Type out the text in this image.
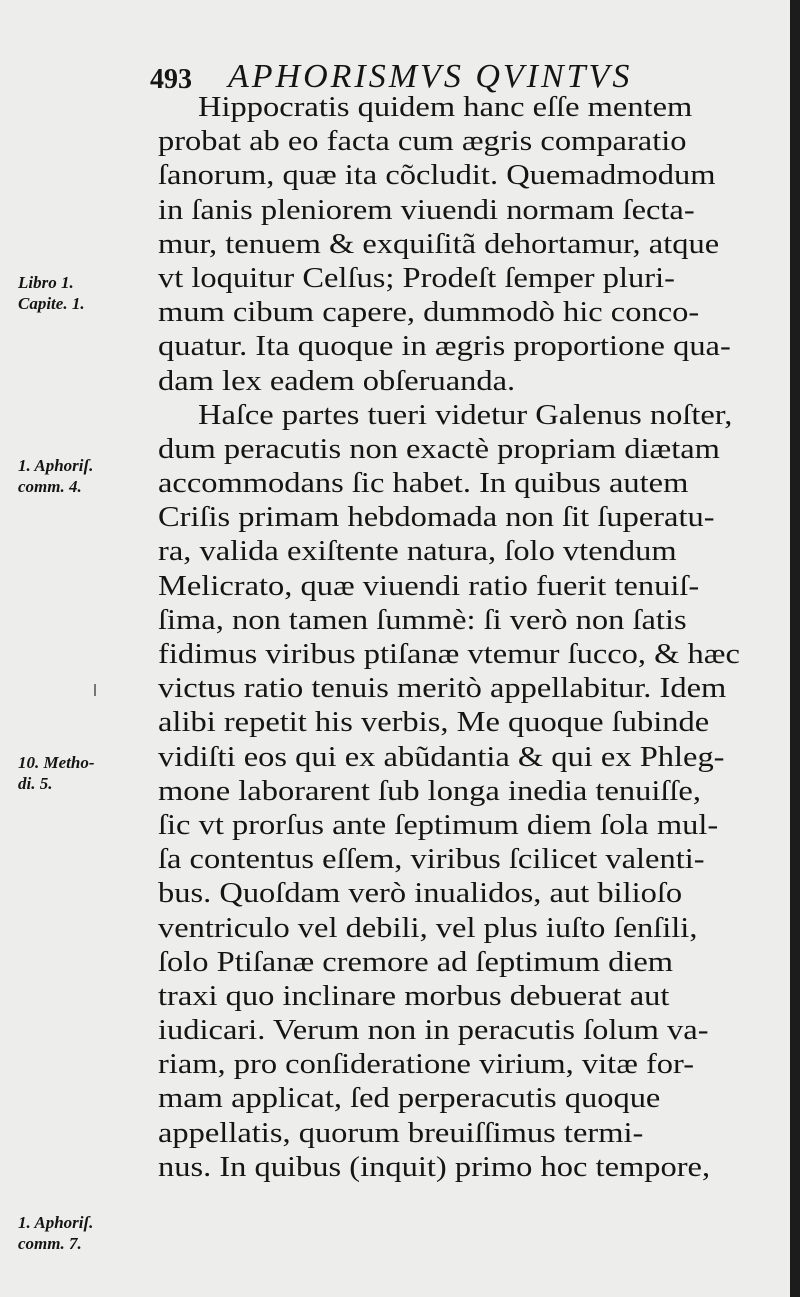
493 APHORISMVS QVINTVS
Hippocratis quidem hanc eſſe mentem
probat ab eo facta cum ægris comparatio
ſanorum, quæ ita cõcludit. Quemadmodum
in ſanis pleniorem viuendi normam ſecta-
mur, tenuem & exquiſitã dehortamur, atque
vt loquitur Celſus; Prodeſt ſemper pluri-
mum cibum capere, dummodò hic conco-
quatur. Ita quoque in ægris proportione qua-
dam lex eadem obſeruanda.
Haſce partes tueri videtur Galenus noſter,
dum peracutis non exactè propriam diætam
accommodans ſic habet. In quibus autem
Criſis primam hebdomada non ſit ſuperatu-
ra, valida exiſtente natura, ſolo vtendum
Melicrato, quæ viuendi ratio fuerit tenuiſ-
ſima, non tamen ſummè: ſi verò non ſatis
fidimus viribus ptiſanæ vtemur ſucco, & hæc
victus ratio tenuis meritò appellabitur. Idem
alibi repetit his verbis, Me quoque ſubinde
vidiſti eos qui ex abũdantia & qui ex Phleg-
mone laborarent ſub longa inedia tenuiſſe,
ſic vt prorſus ante ſeptimum diem ſola mul-
ſa contentus eſſem, viribus ſcilicet valenti-
bus. Quoſdam verò inualidos, aut bilioſo
ventriculo vel debili, vel plus iuſto ſenſili,
ſolo Ptiſanæ cremore ad ſeptimum diem
traxi quo inclinare morbus debuerat aut
iudicari. Verum non in peracutis ſolum va-
riam, pro conſideratione virium, vitæ for-
mam applicat, ſed perperacutis quoque
appellatis, quorum breuiſſimus termi-
nus. In quibus (inquit) primo hoc tempore,
Libro 1.
Capite. 1.
1. Aphoriſ.
comm. 4.
10. Metho-
di. 5.
1. Aphoriſ.
comm. 7.
